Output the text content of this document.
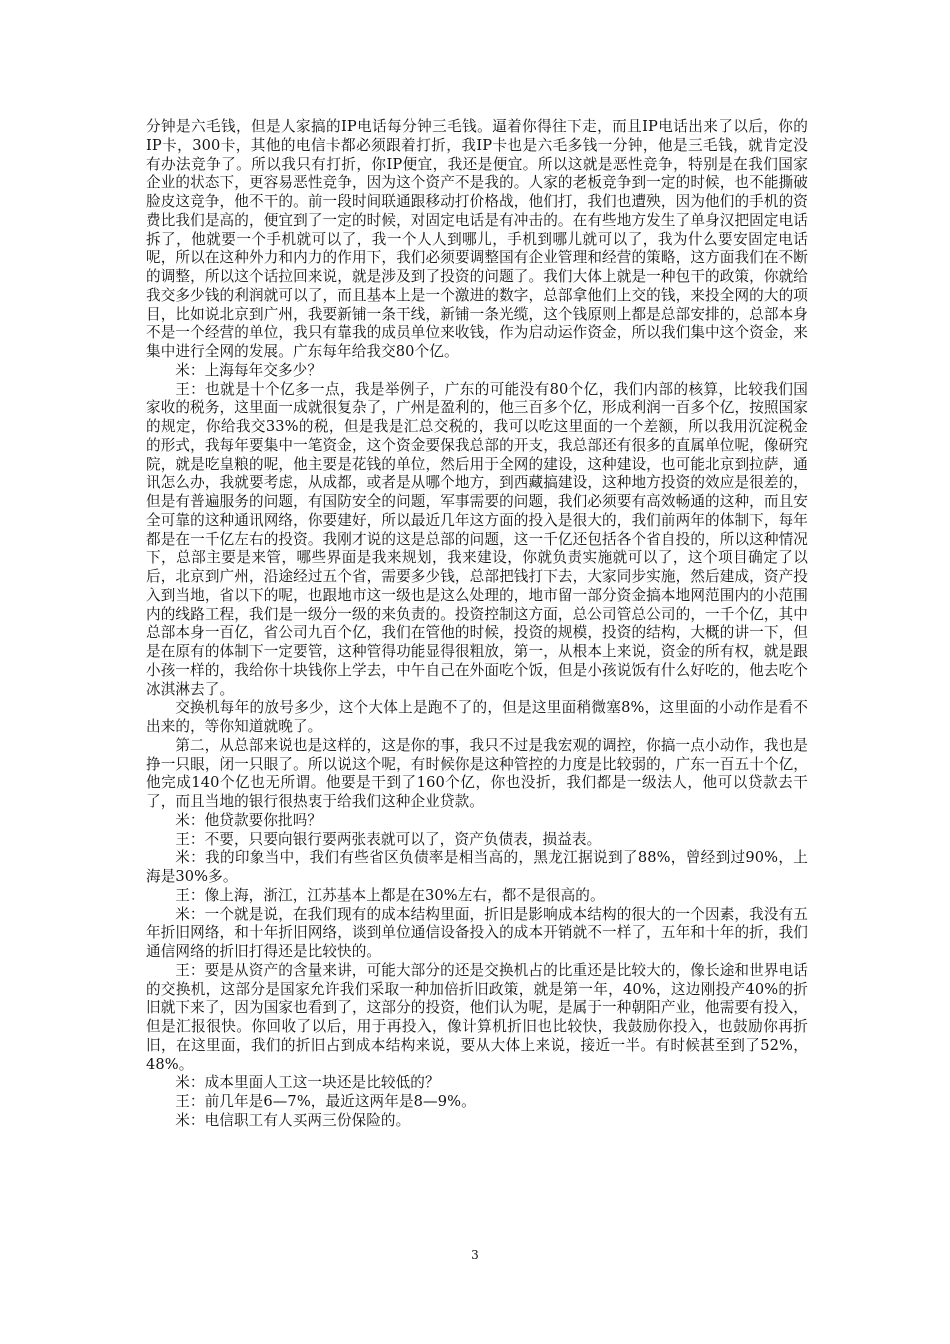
分钟是六毛钱，但是人家搞的IP电话每分钟三毛钱。逼着你得往下走，而且IP电话出来了以后，你的IP卡，300卡，其他的电信卡都必须跟着打折，我IP卡也是六毛多钱一分钟，他是三毛钱，就肯定没有办法竞争了。所以我只有打折，你IP便宜，我还是便宜。所以这就是恶性竞争，特别是在我们国家企业的状态下，更容易恶性竞争，因为这个资产不是我的。人家的老板竞争到一定的时候，也不能撕破脸皮这竞争，他不干的。前一段时间联通跟移动打价格战，他们打，我们也遭殃，因为他们的手机的资费比我们是高的，便宜到了一定的时候，对固定电话是有冲击的。在有些地方发生了单身汉把固定电话拆了，他就要一个手机就可以了，我一个人人到哪儿，手机到哪儿就可以了，我为什么要安固定电话呢，所以在这种外力和内力的作用下，我们必须要调整国有企业管理和经营的策略，这方面我们在不断的调整，所以这个话拉回来说，就是涉及到了投资的问题了。我们大体上就是一种包干的政策，你就给我交多少钱的利润就可以了，而且基本上是一个激进的数字，总部拿他们上交的钱，来投全网的大的项目，比如说北京到广州，我要新铺一条干线，新铺一条光缆，这个钱原则上都是总部安排的，总部本身不是一个经营的单位，我只有靠我的成员单位来收钱，作为启动运作资金，所以我们集中这个资金，来集中进行全网的发展。广东每年给我交80个亿。

米：上海每年交多少？

王：也就是十个亿多一点，我是举例子，广东的可能没有80个亿，我们内部的核算，比较我们国家收的税务，这里面一成就很复杂了，广州是盈利的，他三百多个亿，形成利润一百多个亿，按照国家的规定，你给我交33%的税，但是我是汇总交税的，我可以吃这里面的一个差额，所以我用沉淀税金的形式，我每年要集中一笔资金，这个资金要保我总部的开支，我总部还有很多的直属单位呢，像研究院，就是吃皇粮的呢，他主要是花钱的单位，然后用于全网的建设，这种建设，也可能北京到拉萨，通讯怎么办，我就要考虑，从成都，或者是从哪个地方，到西藏搞建设，这种地方投资的效应是很差的，但是有普遍服务的问题，有国防安全的问题，军事需要的问题，我们必须要有高效畅通的这种，而且安全可靠的这种通讯网络，你要建好，所以最近几年这方面的投入是很大的，我们前两年的体制下，每年都是在一千亿左右的投资。我刚才说的这是总部的问题，这一千亿还包括各个省自投的，所以这种情况下，总部主要是来管，哪些界面是我来规划，我来建设，你就负责实施就可以了，这个项目确定了以后，北京到广州，沿途经过五个省，需要多少钱，总部把钱打下去，大家同步实施，然后建成，资产投入到当地，省以下的呢，也跟地市这一级也是这么处理的，地市留一部分资金搞本地网范围内的小范围内的线路工程，我们是一级分一级的来负责的。投资控制这方面，总公司管总公司的，一千个亿，其中总部本身一百亿，省公司九百个亿，我们在管他的时候，投资的规模，投资的结构，大概的讲一下，但是在原有的体制下一定要管，这种管得功能显得很粗放，第一，从根本上来说，资金的所有权，就是跟小孩一样的，我给你十块钱你上学去，中午自己在外面吃个饭，但是小孩说饭有什么好吃的，他去吃个冰淇淋去了。

交换机每年的放号多少，这个大体上是跑不了的，但是这里面稍微塞8%，这里面的小动作是看不出来的，等你知道就晚了。

第二，从总部来说也是这样的，这是你的事，我只不过是我宏观的调控，你搞一点小动作，我也是挣一只眼，闭一只眼了。所以说这个呢，有时候你是这种管控的力度是比较弱的，广东一百五十个亿，他完成140个亿也无所谓。他要是干到了160个亿，你也没折，我们都是一级法人，他可以贷款去干了，而且当地的银行很热衷于给我们这种企业贷款。

米：他贷款要你批吗？

王：不要，只要向银行要两张表就可以了，资产负债表，损益表。

米：我的印象当中，我们有些省区负债率是相当高的，黑龙江据说到了88%，曾经到过90%，上海是30%多。

王：像上海，浙江，江苏基本上都是在30%左右，都不是很高的。

米：一个就是说，在我们现有的成本结构里面，折旧是影响成本结构的很大的一个因素，我没有五年折旧网络，和十年折旧网络，谈到单位通信设备投入的成本开销就不一样了，五年和十年的折，我们通信网络的折旧打得还是比较快的。

王：要是从资产的含量来讲，可能大部分的还是交换机占的比重还是比较大的，像长途和世界电话的交换机，这部分是国家允许我们采取一种加倍折旧政策，就是第一年，40%，这边刚投产40%的折旧就下来了，因为国家也看到了，这部分的投资，他们认为呢，是属于一种朝阳产业，他需要有投入，但是汇报很快。你回收了以后，用于再投入，像计算机折旧也比较快，我鼓励你投入，也鼓励你再折旧，在这里面，我们的折旧占到成本结构来说，要从大体上来说，接近一半。有时候甚至到了52%，48%。

米：成本里面人工这一块还是比较低的？

王：前几年是6—7%，最近这两年是8—9%。

米：电信职工有人买两三份保险的。

3
